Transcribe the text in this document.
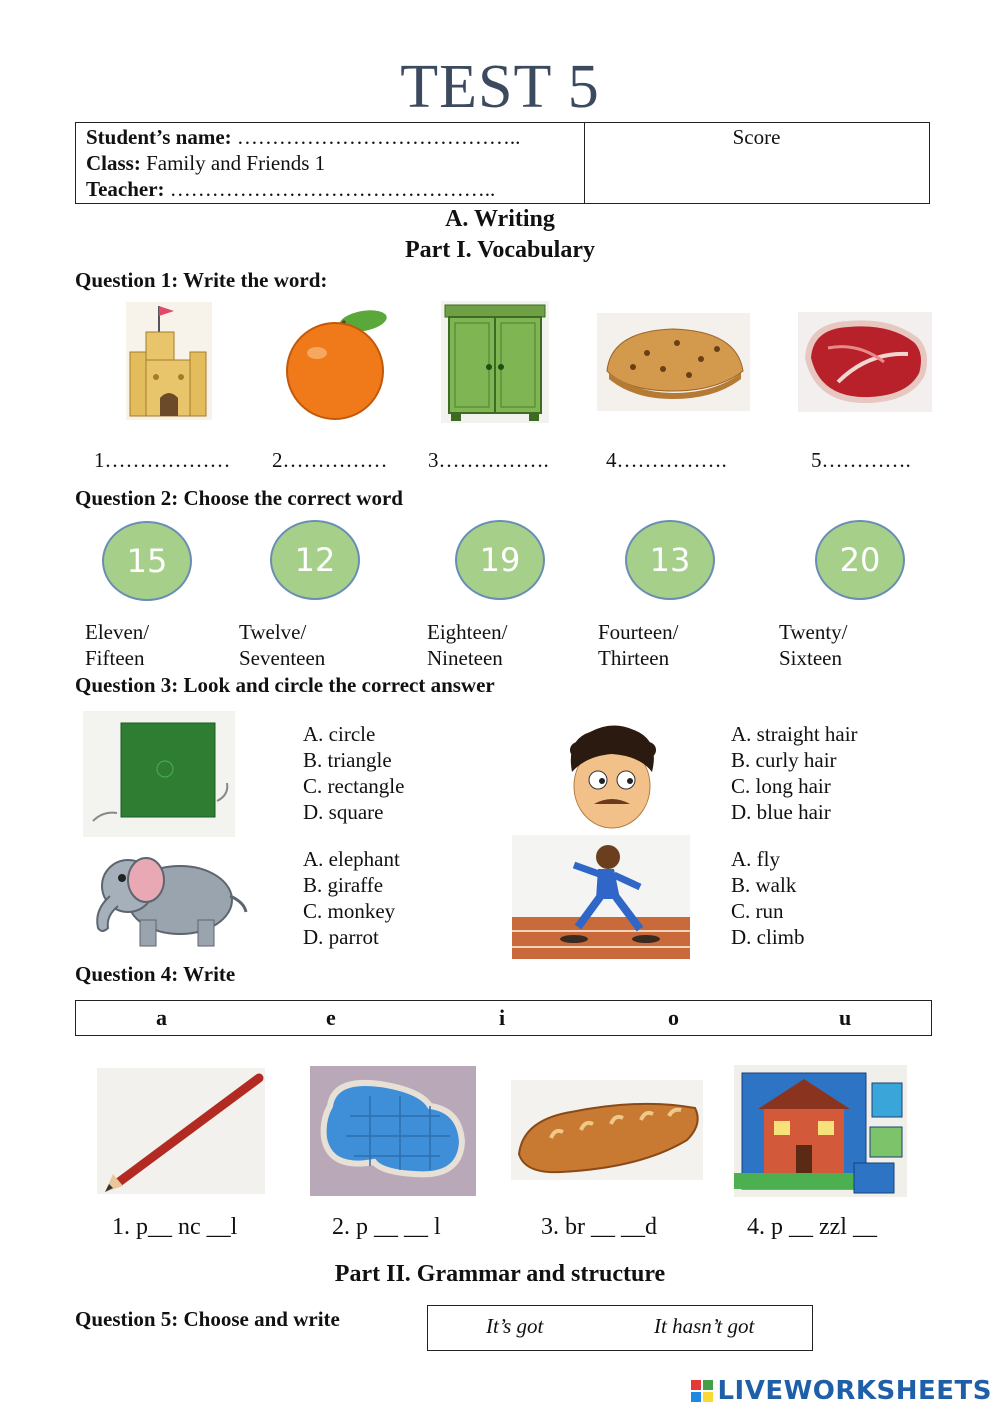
TEST 5
Student’s name: …………………………………..
Class: Family and Friends 1
Teacher: ………………………………………..
Score
A. Writing
Part I. Vocabulary
Question 1: Write the word:
1……………… 2…………… 3…………….	4…………….	5………….
Question 2: Choose the correct word
15	12	19	13	20
Eleven/
Fifteen
Twelve/
Seventeen
Eighteen/
Nineteen
Fourteen/
Thirteen
Twenty/
Sixteen
Question 3: Look and circle the correct answer
A. circle
B. triangle
C. rectangle
D. square
A. straight hair
B. curly hair
C. long hair
D. blue hair
A. elephant
B. giraffe
C. monkey
D. parrot
A. fly
B. walk
C. run
D. climb
Question 4: Write
a	e	i	o	u
1. p__ nc __l	2. p __ __ l	3. br __ __d	4. p __ zzl __
Part II. Grammar and structure
Question 5: Choose and write	It’s got	It hasn’t got
LIVEWORKSHEETS
